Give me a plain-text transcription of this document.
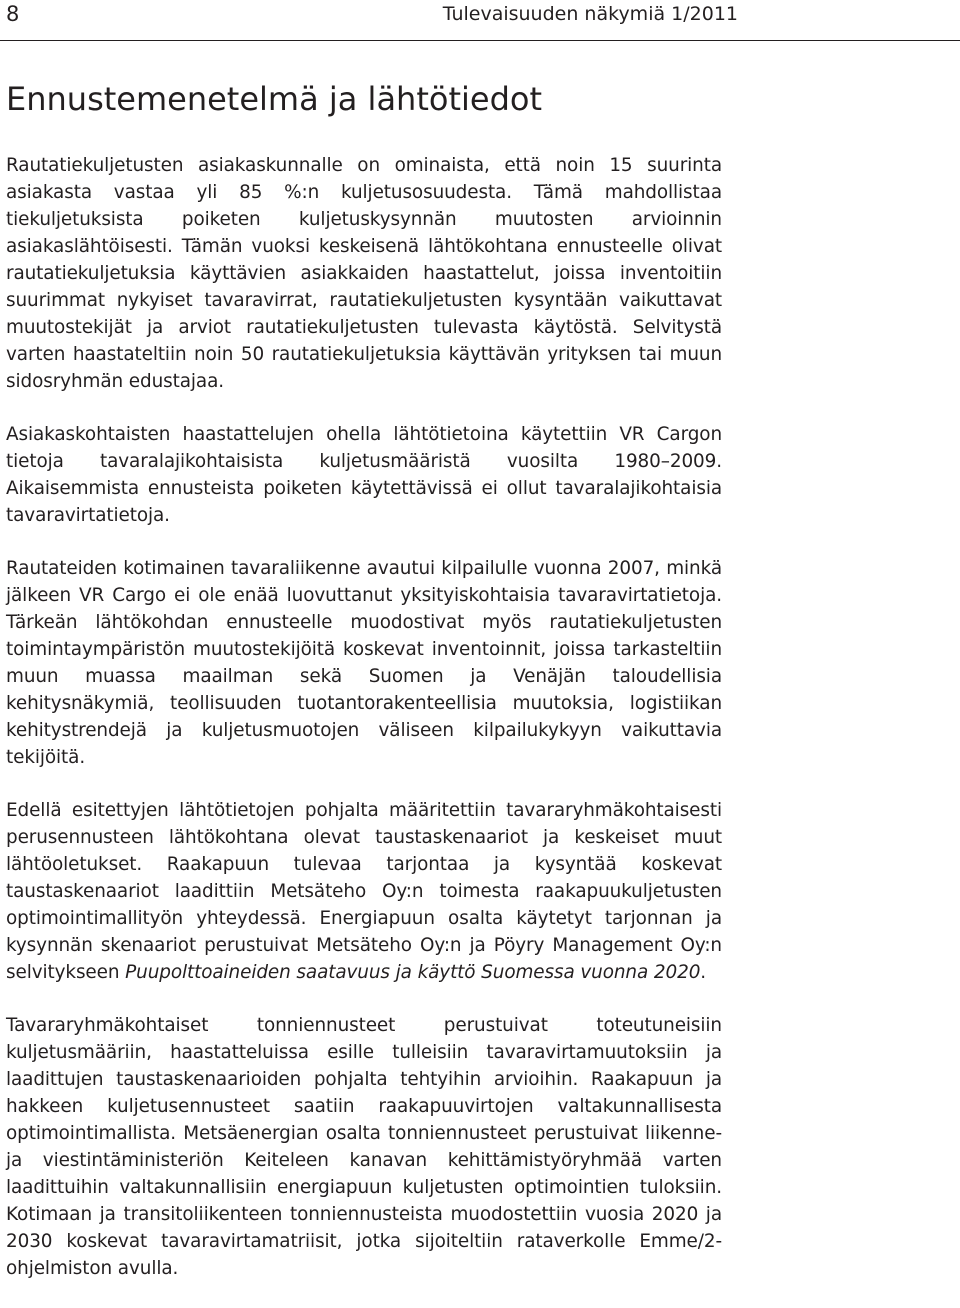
8	Tulevaisuuden näkymiä 1/2011
Ennustemenetelmä ja lähtötiedot

Rautatiekuljetusten asiakaskunnalle on ominaista, että noin 15 suurinta asiakasta vastaa yli 85 %:n kuljetusosuudesta. Tämä mahdollistaa tiekuljetuksista poiketen kuljetuskysynnän muutosten arvioinnin asiakaslähtöisesti. Tämän vuoksi keskeisenä lähtökohtana ennusteelle olivat rautatiekuljetuksia käyttävien asiakkaiden haastattelut, joissa inventoitiin suurimmat nykyiset tavaravirrat, rautatiekuljetusten kysyntään vaikuttavat muutostekijät ja arviot rautatiekuljetusten tulevasta käytöstä. Selvitystä varten haastateltiin noin 50 rautatiekuljetuksia käyttävän yrityksen tai muun sidosryhmän edustajaa.

Asiakaskohtaisten haastattelujen ohella lähtötietoina käytettiin VR Cargon tietoja tavaralajikohtaisista kuljetusmääristä vuosilta 1980–2009. Aikaisemmista ennusteista poiketen käytettävissä ei ollut tavaralajikohtaisia tavaravirtatietoja.

Rautateiden kotimainen tavaraliikenne avautui kilpailulle vuonna 2007, minkä jälkeen VR Cargo ei ole enää luovuttanut yksityiskohtaisia tavaravirtatietoja. Tärkeän lähtökohdan ennusteelle muodostivat myös rautatiekuljetusten toimintaympäristön muutostekijöitä koskevat inventoinnit, joissa tarkasteltiin muun muassa maailman sekä Suomen ja Venäjän taloudellisia kehitysnäkymiä, teollisuuden tuotantorakenteellisia muutoksia, logistiikan kehitystrendejä ja kuljetusmuotojen väliseen kilpailukykyyn vaikuttavia tekijöitä.

Edellä esitettyjen lähtötietojen pohjalta määritettiin tavararyhmäkohtaisesti perusennusteen lähtökohtana olevat taustaskenaariot ja keskeiset muut lähtöoletukset. Raakapuun tulevaa tarjontaa ja kysyntää koskevat taustaskenaariot laadittiin Metsäteho Oy:n toimesta raakapuukuljetusten optimointimallityön yhteydessä. Energiapuun osalta käytetyt tarjonnan ja kysynnän skenaariot perustuivat Metsäteho Oy:n ja Pöyry Management Oy:n selvitykseen Puupolttoaineiden saatavuus ja käyttö Suomessa vuonna 2020.

Tavararyhmäkohtaiset tonniennusteet perustuivat toteutuneisiin kuljetusmääriin, haastatteluissa esille tulleisiin tavaravirtamuutoksiin ja laadittujen taustaskenaarioiden pohjalta tehtyihin arvioihin. Raakapuun ja hakkeen kuljetusennusteet saatiin raakapuuvirtojen valtakunnallisesta optimointimallista. Metsäenergian osalta tonniennusteet perustuivat liikenne- ja viestintäministeriön Keiteleen kanavan kehittämistyöryhmää varten laadittuihin valtakunnallisiin energiapuun kuljetusten optimointien tuloksiin. Kotimaan ja transitoliikenteen tonniennusteista muodostettiin vuosia 2020 ja 2030 koskevat tavaravirtamatriisit, jotka sijoiteltiin rataverkolle Emme/2-ohjelmiston avulla.
